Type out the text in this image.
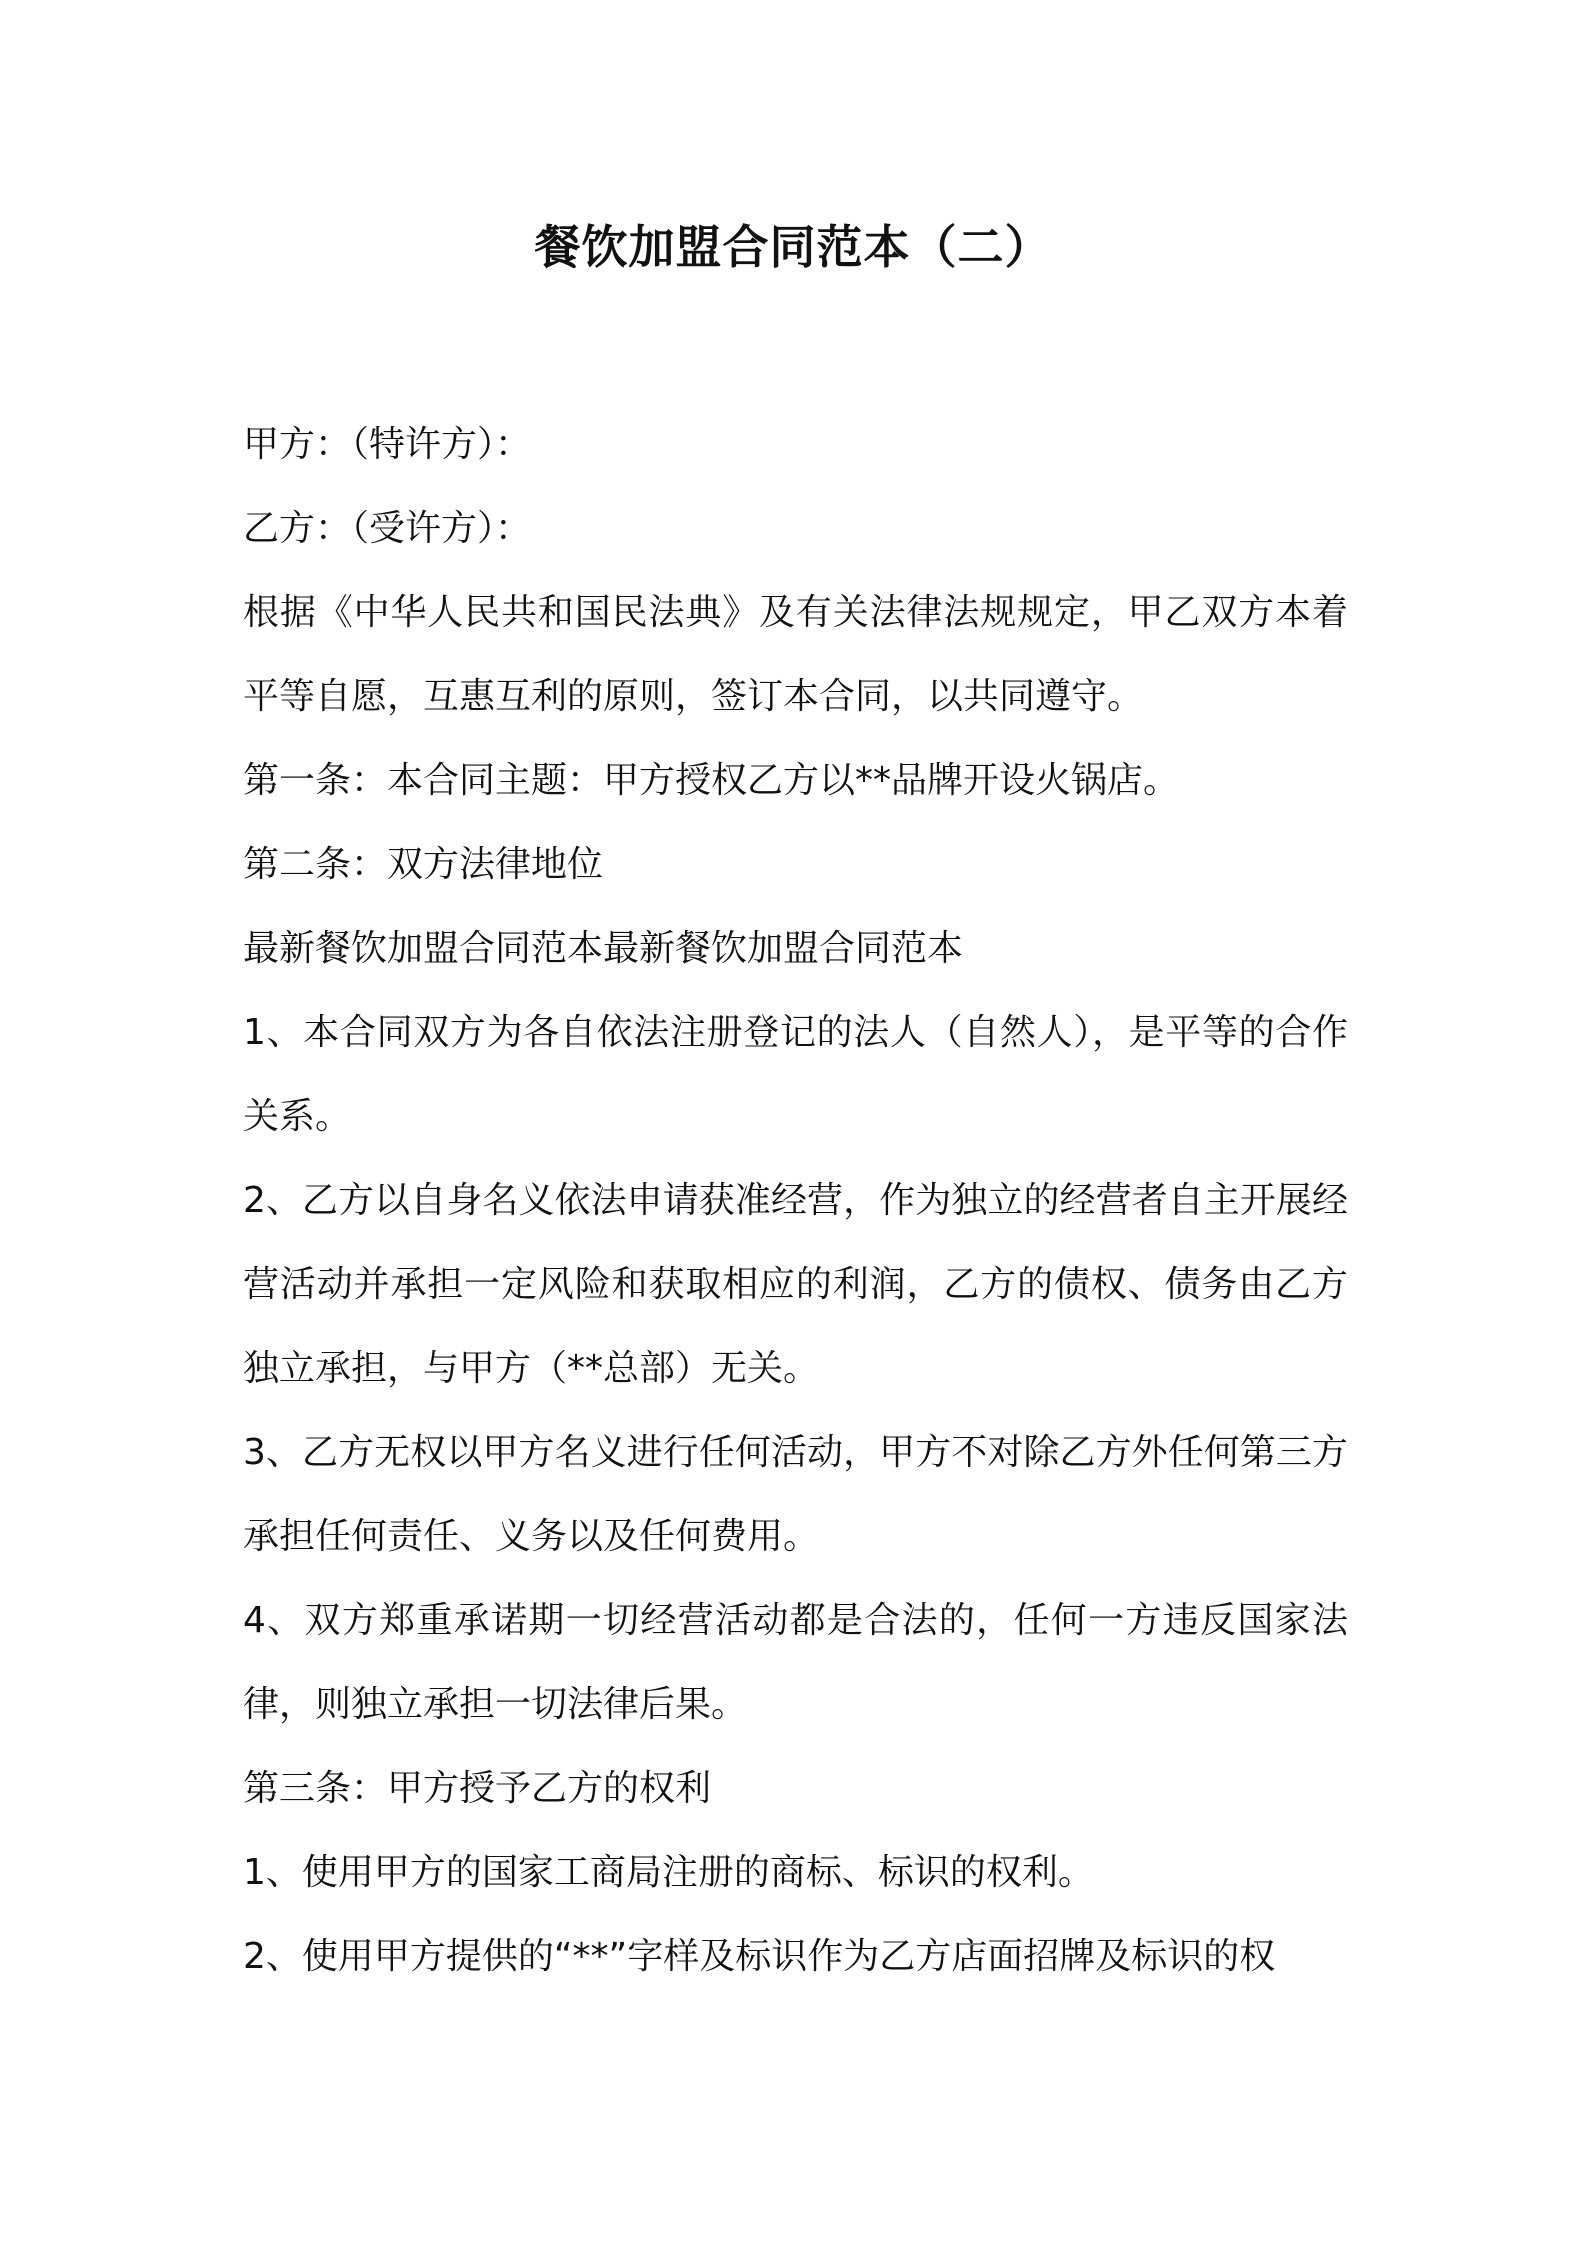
餐饮加盟合同范本（二）

甲方：（特许方）：

乙方：（受许方）：

根据《中华人民共和国民法典》及有关法律法规规定，甲乙双方本着平等自愿，互惠互利的原则，签订本合同，以共同遵守。

第一条：本合同主题：甲方授权乙方以**品牌开设火锅店。

第二条：双方法律地位

最新餐饮加盟合同范本最新餐饮加盟合同范本

1、本合同双方为各自依法注册登记的法人（自然人），是平等的合作关系。

2、乙方以自身名义依法申请获准经营，作为独立的经营者自主开展经营活动并承担一定风险和获取相应的利润，乙方的债权、债务由乙方独立承担，与甲方（**总部）无关。

3、乙方无权以甲方名义进行任何活动，甲方不对除乙方外任何第三方承担任何责任、义务以及任何费用。

4、双方郑重承诺期一切经营活动都是合法的，任何一方违反国家法律，则独立承担一切法律后果。

第三条：甲方授予乙方的权利

1、使用甲方的国家工商局注册的商标、标识的权利。

2、使用甲方提供的“**”字样及标识作为乙方店面招牌及标识的权
